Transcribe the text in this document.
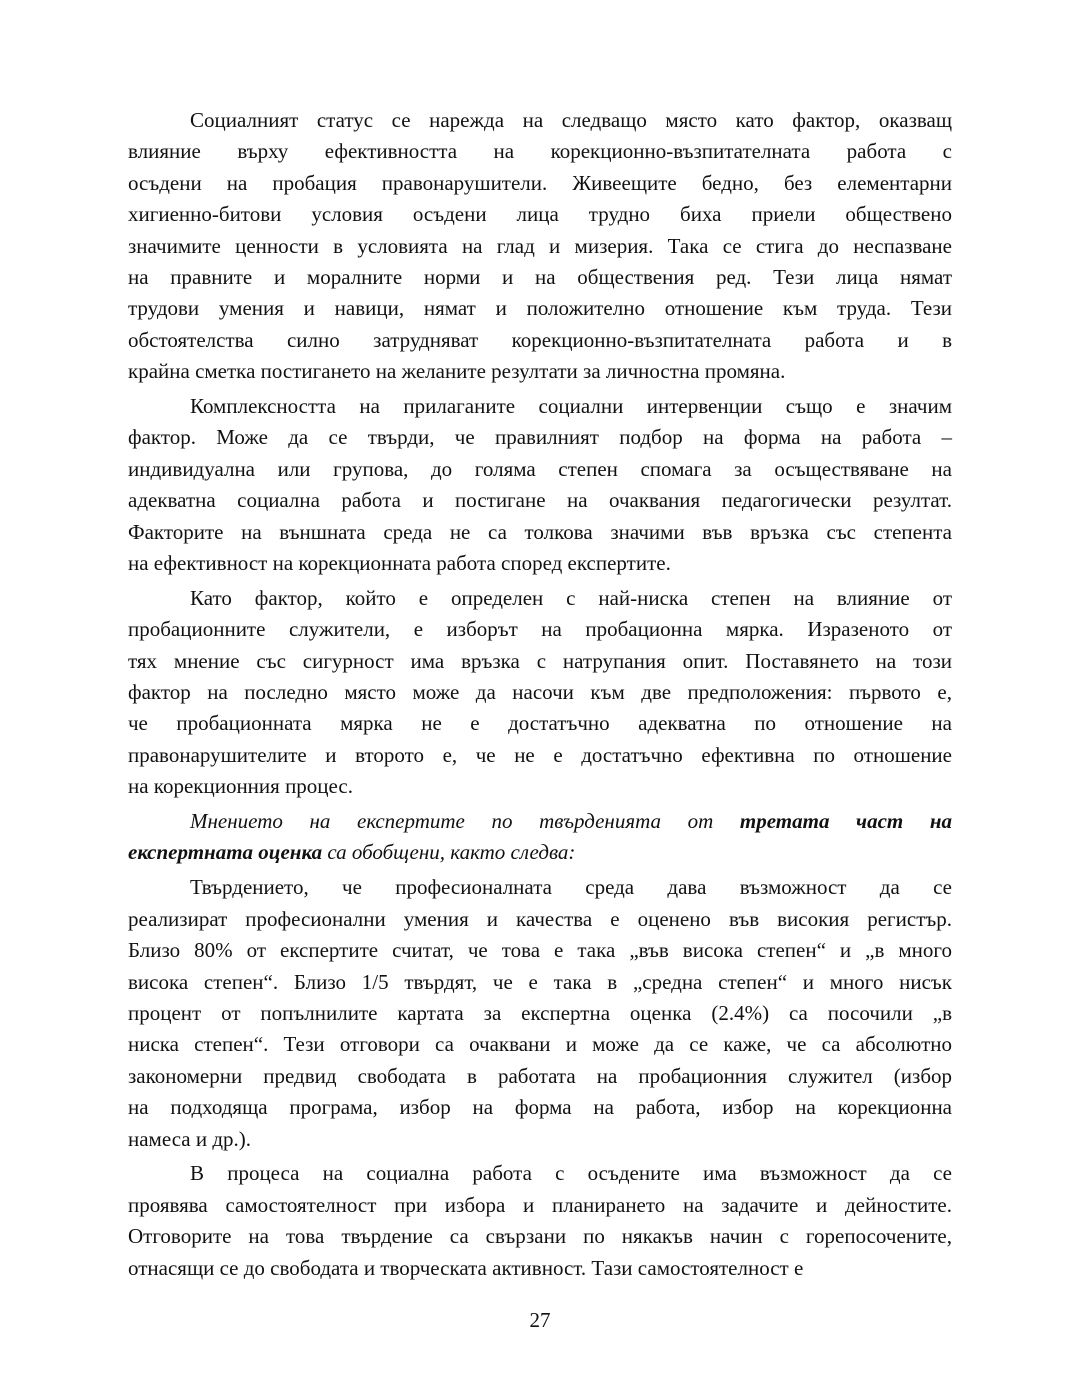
Социалният статус се нарежда на следващо място като фактор, оказващ
влияние върху ефективността на корекционно-възпитателната работа с
осъдени на пробация правонарушители. Живеещите бедно, без елементарни
хигиенно-битови условия осъдени лица трудно биха приели обществено
значимите ценности в условията на глад и мизерия. Така се стига до неспазване
на правните и моралните норми и на обществения ред. Тези лица нямат
трудови умения и навици, нямат и положително отношение към труда. Тези
обстоятелства силно затрудняват корекционно-възпитателната работа и в
крайна сметка постигането на желаните резултати за личностна промяна.
Комплексността на прилаганите социални интервенции също е значим
фактор. Може да се твърди, че правилният подбор на форма на работа –
индивидуална или групова, до голяма степен спомага за осъществяване на
адекватна социална работа и постигане на очаквания педагогически резултат.
Факторите на външната среда не са толкова значими във връзка със степента
на ефективност на корекционната работа според експертите.
Като фактор, който е определен с най-ниска степен на влияние от
пробационните служители, е изборът на пробационна мярка. Изразеното от
тях мнение със сигурност има връзка с натрупания опит. Поставянето на този
фактор на последно място може да насочи към две предположения: първото е,
че пробационната мярка не е достатъчно адекватна по отношение на
правонарушителите и второто е, че не е достатъчно ефективна по отношение
на корекционния процес.
Мнението на експертите по твърденията от третата част на
експертната оценка са обобщени, както следва:
Твърдението, че професионалната среда дава възможност да се
реализират професионални умения и качества е оценено във високия регистър.
Близо 80% от експертите считат, че това е така „във висока степен“ и „в много
висока степен“. Близо 1/5 твърдят, че е така в „средна степен“ и много нисък
процент от попълнилите картата за експертна оценка (2.4%) са посочили „в
ниска степен“. Тези отговори са очаквани и може да се каже, че са абсолютно
закономерни предвид свободата в работата на пробационния служител (избор
на подходяща програма, избор на форма на работа, избор на корекционна
намеса и др.).
В процеса на социална работа с осъдените има възможност да се
проявява самостоятелност при избора и планирането на задачите и дейностите.
Отговорите на това твърдение са свързани по някакъв начин с горепосочените,
отнасящи се до свободата и творческата активност. Тази самостоятелност е
27
